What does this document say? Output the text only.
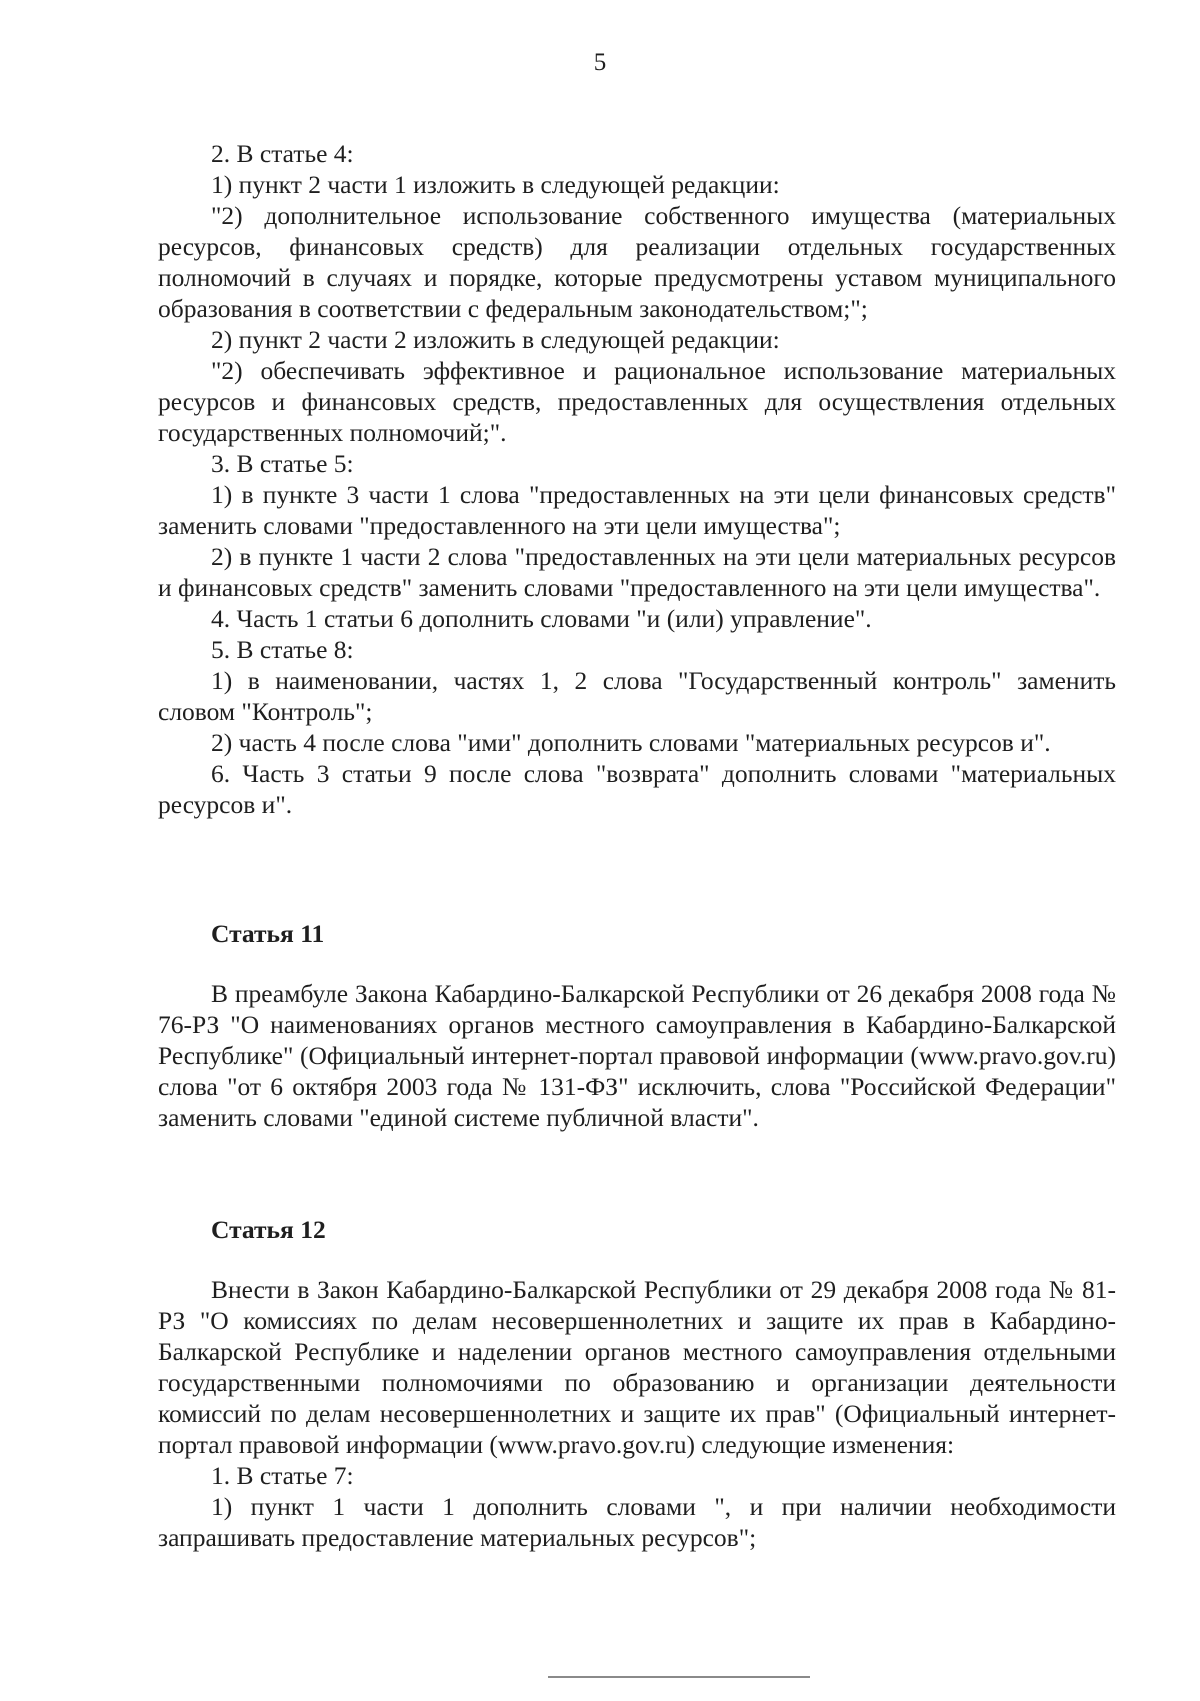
5

2. В статье 4:

1) пункт 2 части 1 изложить в следующей редакции:

"2) дополнительное использование собственного имущества (материальных ресурсов, финансовых средств) для реализации отдельных государственных полномочий в случаях и порядке, которые предусмотрены уставом муниципального образования в соответствии с федеральным законодательством;";

2) пункт 2 части 2 изложить в следующей редакции:

"2) обеспечивать эффективное и рациональное использование материальных ресурсов и финансовых средств, предоставленных для осуществления отдельных государственных полномочий;".

3. В статье 5:

1) в пункте 3 части 1 слова "предоставленных на эти цели финансовых средств" заменить словами "предоставленного на эти цели имущества";

2) в пункте 1 части 2 слова "предоставленных на эти цели материальных ресурсов и финансовых средств" заменить словами "предоставленного на эти цели имущества".

4. Часть 1 статьи 6 дополнить словами "и (или) управление".

5. В статье 8:

1) в наименовании, частях 1, 2 слова "Государственный контроль" заменить словом "Контроль";

2) часть 4 после слова "ими" дополнить словами "материальных ресурсов и".

6. Часть 3 статьи 9 после слова "возврата" дополнить словами "материальных ресурсов и".

Статья 11

В преамбуле Закона Кабардино-Балкарской Республики от 26 декабря 2008 года № 76-РЗ "О наименованиях органов местного самоуправления в Кабардино-Балкарской Республике" (Официальный интернет-портал правовой информации (www.pravo.gov.ru) слова "от 6 октября 2003 года № 131-ФЗ" исключить, слова "Российской Федерации" заменить словами "единой системе публичной власти".

Статья 12

Внести в Закон Кабардино-Балкарской Республики от 29 декабря 2008 года № 81-РЗ "О комиссиях по делам несовершеннолетних и защите их прав в Кабардино-Балкарской Республике и наделении органов местного самоуправления отдельными государственными полномочиями по образованию и организации деятельности комиссий по делам несовершеннолетних и защите их прав" (Официальный интернет-портал правовой информации (www.pravo.gov.ru) следующие изменения:

1. В статье 7:

1) пункт 1 части 1 дополнить словами ", и при наличии необходимости запрашивать предоставление материальных ресурсов";
